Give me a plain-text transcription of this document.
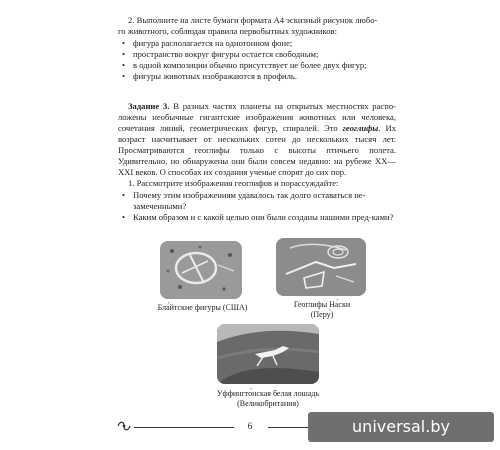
2. Выполните на листе бумаги формата А4 эскизный рисунок любо-
го животного, соблюдая правила первобытных художников:
• фигура располагается на однотонном фоне;
• пространство вокруг фигуры остается свободным;
• в одной композиции обычно присутствует не более двух фигур;
• фигуры животных изображаются в профиль.
Задание 3. В разных частях планеты на открытых местностях распо-ложены необычные гигантские изображения животных или человека, сочетания линий, геометрических фигур, спиралей. Это геоглифы. Их возраст насчитывает от нескольких сотен до нескольких тысяч лет. Просматриваются геоглифы только с высоты птичьего полета. Удивительно, но обнаружены они были совсем недавно: на рубеже XX—XXI веков. О способах их создания ученые спорят до сих пор.
1. Рассмотрите изображения геоглифов и порассуждайте:
• Почему этим изображениям удавалось так долго оставаться не-замеченными?
• Каким образом и с какой целью они были созданы нашими пред-ками?
Бла́йтские фигуры (США)	Геоглифы На́ски
(Перу́)
Уффингто́нская белая лошадь
(Великобритания)
6	universal.by
